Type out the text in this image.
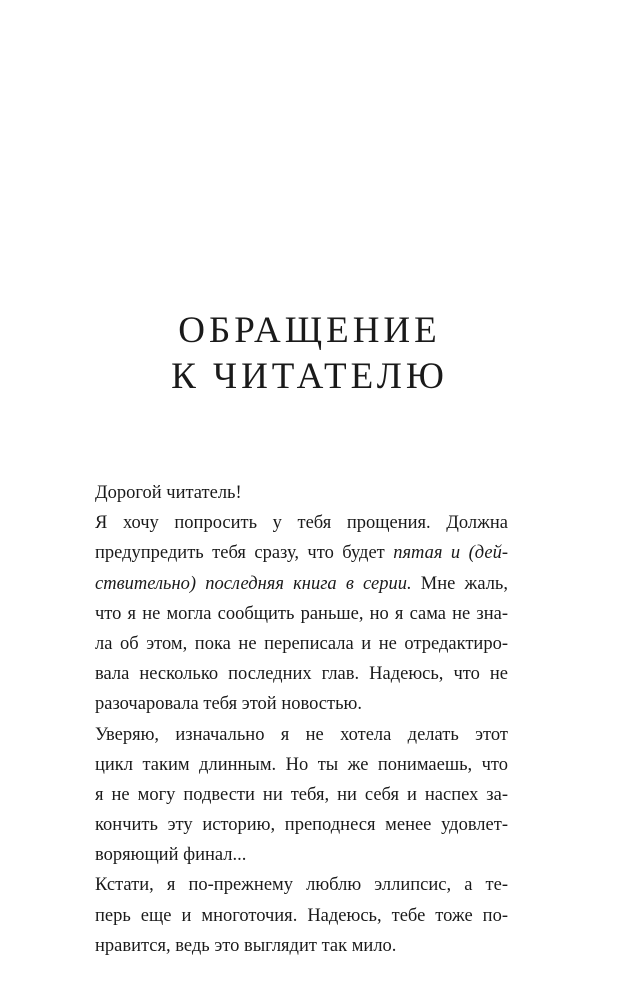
ОБРАЩЕНИЕ
К ЧИТАТЕЛЮ
Дорогой читатель!
Я хочу попросить у тебя прощения. Должна
предупредить тебя сразу, что будет пятая и (дей-
ствительно) последняя книга в серии. Мне жаль,
что я не могла сообщить раньше, но я сама не зна-
ла об этом, пока не переписала и не отредактиро-
вала несколько последних глав. Надеюсь, что не
разочаровала тебя этой новостью.
Уверяю, изначально я не хотела делать этот
цикл таким длинным. Но ты же понимаешь, что
я не могу подвести ни тебя, ни себя и наспех за-
кончить эту историю, преподнеся менее удовлет-
воряющий финал...
Кстати, я по-прежнему люблю эллипсис, а те-
перь еще и многоточия. Надеюсь, тебе тоже по-
нравится, ведь это выглядит так мило.
